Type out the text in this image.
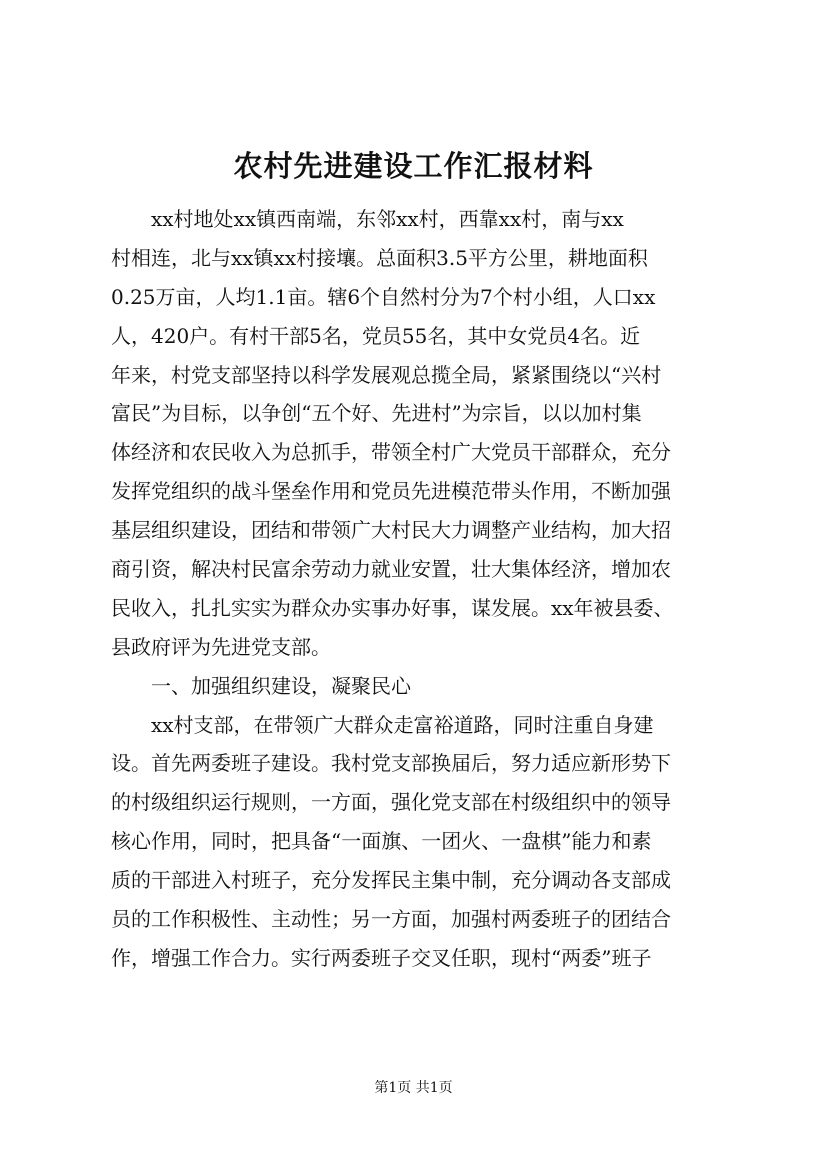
农村先进建设工作汇报材料
xx村地处xx镇西南端，东邻xx村，西靠xx村，南与xx
村相连，北与xx镇xx村接壤。总面积3.5平方公里，耕地面积
0.25万亩，人均1.1亩。辖6个自然村分为7个村小组，人口xx
人，420户。有村干部5名，党员55名，其中女党员4名。近
年来，村党支部坚持以科学发展观总揽全局，紧紧围绕以“兴村
富民”为目标，以争创“五个好、先进村”为宗旨，以以加村集
体经济和农民收入为总抓手，带领全村广大党员干部群众，充分
发挥党组织的战斗堡垒作用和党员先进模范带头作用，不断加强
基层组织建设，团结和带领广大村民大力调整产业结构，加大招
商引资，解决村民富余劳动力就业安置，壮大集体经济，增加农
民收入，扎扎实实为群众办实事办好事，谋发展。xx年被县委、
县政府评为先进党支部。
一、加强组织建设，凝聚民心
xx村支部，在带领广大群众走富裕道路，同时注重自身建
设。首先两委班子建设。我村党支部换届后，努力适应新形势下
的村级组织运行规则，一方面，强化党支部在村级组织中的领导
核心作用，同时，把具备“一面旗、一团火、一盘棋”能力和素
质的干部进入村班子，充分发挥民主集中制，充分调动各支部成
员的工作积极性、主动性；另一方面，加强村两委班子的团结合
作，增强工作合力。实行两委班子交叉任职，现村“两委”班子
第1页 共1页
